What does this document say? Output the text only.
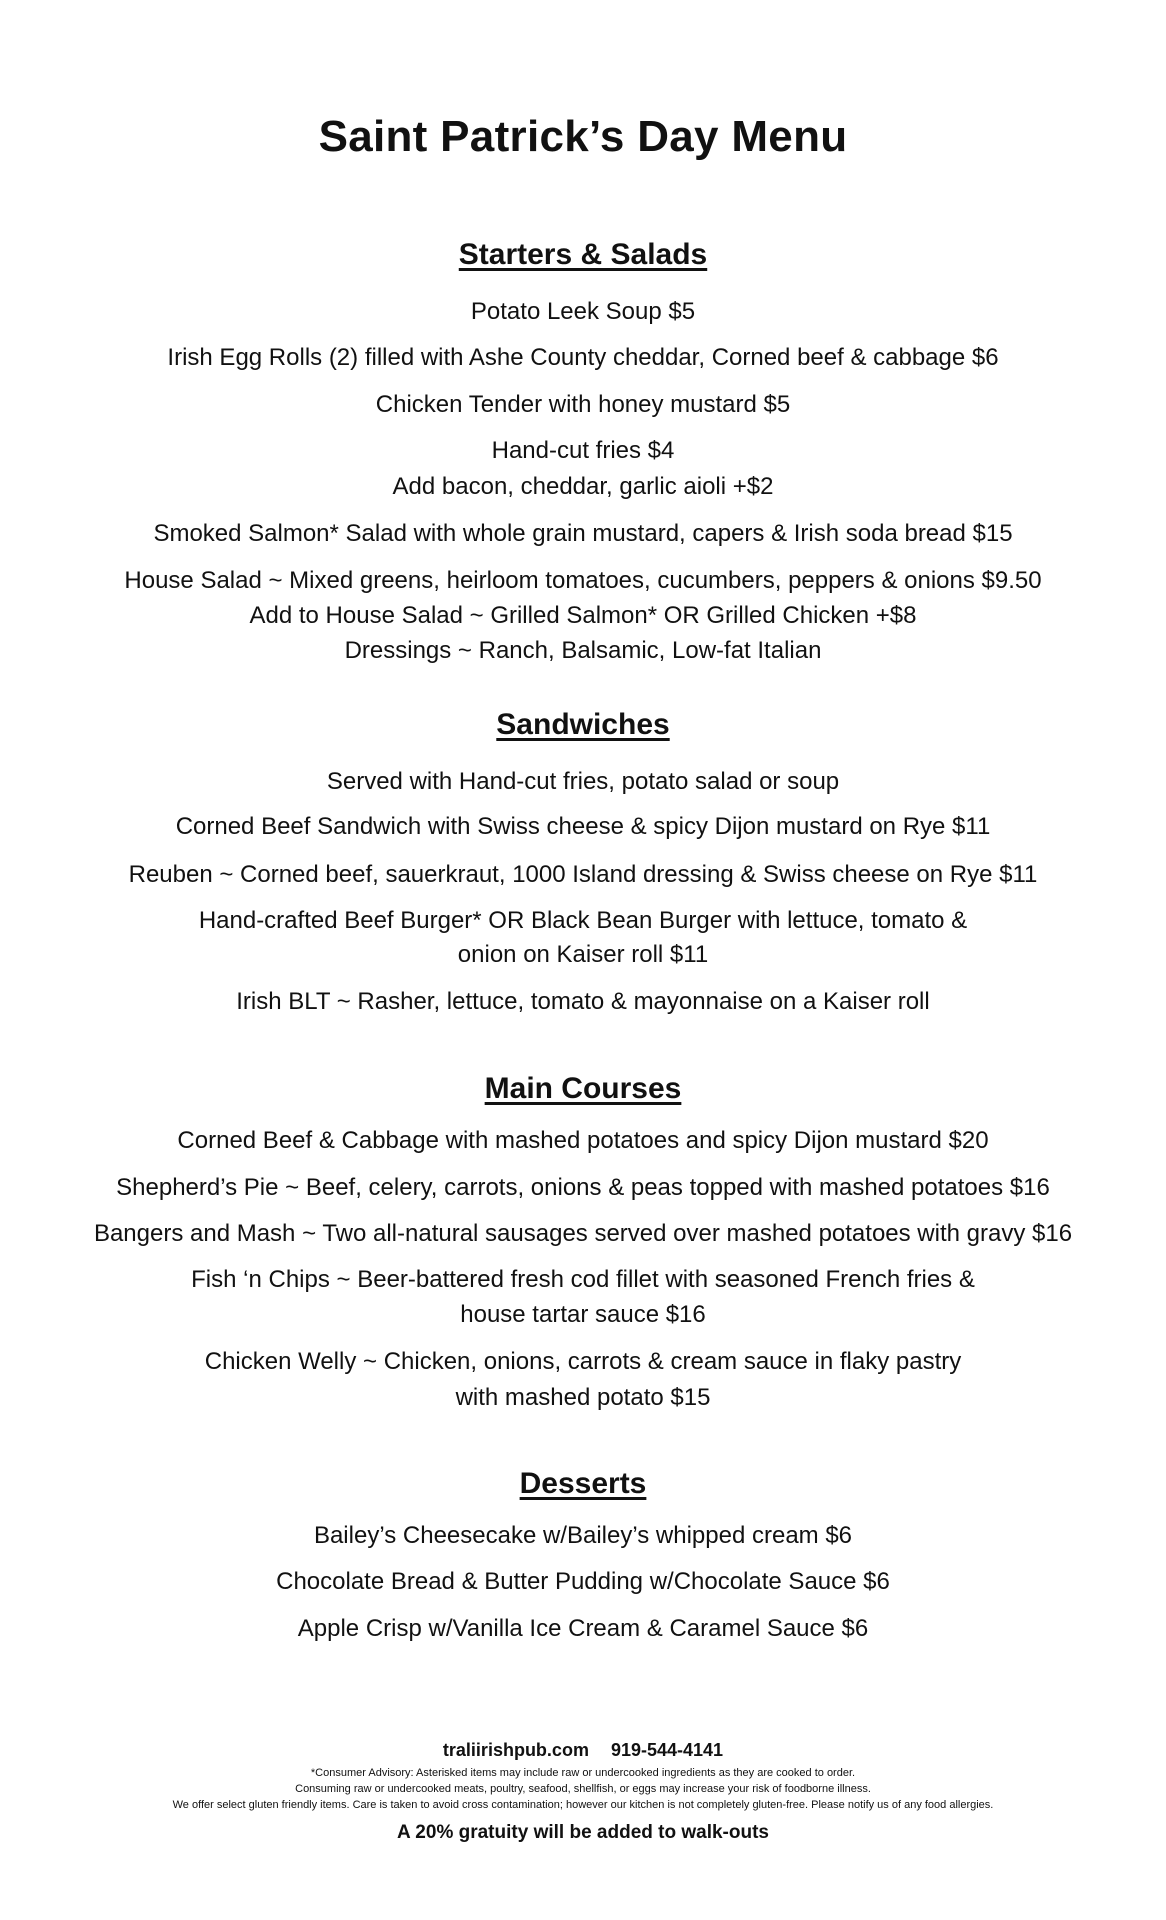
Saint Patrick’s Day Menu
Starters & Salads
Potato Leek Soup $5
Irish Egg Rolls (2) filled with Ashe County cheddar, Corned beef & cabbage $6
Chicken Tender with honey mustard $5
Hand-cut fries $4
Add bacon, cheddar, garlic aioli +$2
Smoked Salmon* Salad with whole grain mustard, capers & Irish soda bread $15
House Salad ~ Mixed greens, heirloom tomatoes, cucumbers, peppers & onions $9.50
Add to House Salad ~ Grilled Salmon* OR Grilled Chicken +$8
Dressings ~ Ranch, Balsamic, Low-fat Italian
Sandwiches
Served with Hand-cut fries, potato salad or soup
Corned Beef Sandwich with Swiss cheese & spicy Dijon mustard on Rye $11
Reuben ~ Corned beef, sauerkraut, 1000 Island dressing & Swiss cheese on Rye $11
Hand-crafted Beef Burger* OR Black Bean Burger with lettuce, tomato &
onion on Kaiser roll $11
Irish BLT ~ Rasher, lettuce, tomato & mayonnaise on a Kaiser roll
Main Courses
Corned Beef & Cabbage with mashed potatoes and spicy Dijon mustard $20
Shepherd’s Pie ~ Beef, celery, carrots, onions & peas topped with mashed potatoes $16
Bangers and Mash ~ Two all-natural sausages served over mashed potatoes with gravy $16
Fish ‘n Chips ~ Beer-battered fresh cod fillet with seasoned French fries &
house tartar sauce $16
Chicken Welly ~ Chicken, onions, carrots & cream sauce in flaky pastry
with mashed potato $15
Desserts
Bailey’s Cheesecake w/Bailey’s whipped cream $6
Chocolate Bread & Butter Pudding w/Chocolate Sauce $6
Apple Crisp w/Vanilla Ice Cream & Caramel Sauce $6
traliirishpub.com 919-544-4141
*Consumer Advisory: Asterisked items may include raw or undercooked ingredients as they are cooked to order.
Consuming raw or undercooked meats, poultry, seafood, shellfish, or eggs may increase your risk of foodborne illness.
We offer select gluten friendly items. Care is taken to avoid cross contamination; however our kitchen is not completely gluten-free. Please notify us of any food allergies.
A 20% gratuity will be added to walk-outs
